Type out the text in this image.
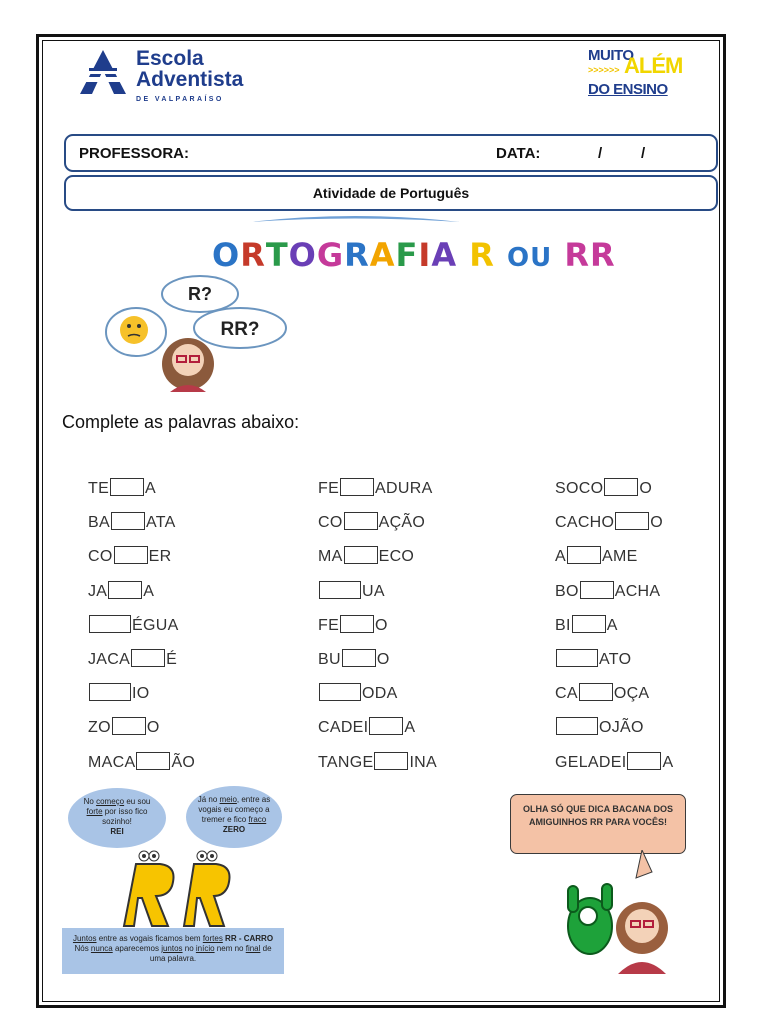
Escola
Adventista
DE VALPARAÍSO
MUITO
ALÉM
>>>>>>
DO ENSINO
PROFESSORA:	DATA:	/	/
Atividade de Português
ORTOGRAFIA R OU RR
R?
RR?
Complete as palavras abaixo:
TE A	FE ADURA	SOCO O
BA ATA	CO AÇÃO	CACHO O
CO ER	MA ECO	A AME
JA A	UA	BO ACHA
ÉGUA	FE O	BI A
JACA É	BU O	ATO
IO	ODA	CA OÇA
ZO O	CADEI A	OJÃO
MACA ÃO	TANGE INA	GELADEI A
No começo eu sou forte por isso fico sozinho!
REI
Já no meio, entre as vogais eu começo a tremer e fico fraco
ZERO
Juntos entre as vogais ficamos bem fortes RR - CARRO
Nós nunca aparecemos juntos no início nem no final de uma palavra.
OLHA SÓ QUE DICA BACANA DOS AMIGUINHOS RR PARA VOCÊS!
